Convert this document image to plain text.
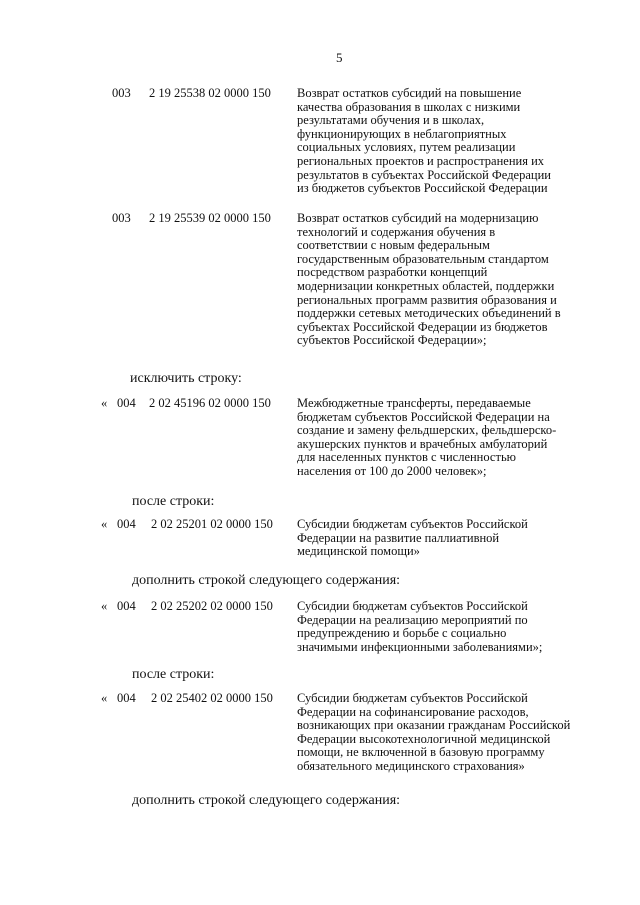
5
003 2 19 25538 02 0000 150 Возврат остатков субсидий на повышение
качества образования в школах с низкими
результатами обучения и в школах,
функционирующих в неблагоприятных
социальных условиях, путем реализации
региональных проектов и распространения их
результатов в субъектах Российской Федерации
из бюджетов субъектов Российской Федерации
003 2 19 25539 02 0000 150 Возврат остатков субсидий на модернизацию
технологий и содержания обучения в
соответствии с новым федеральным
государственным образовательным стандартом
посредством разработки концепций
модернизации конкретных областей, поддержки
региональных программ развития образования и
поддержки сетевых методических объединений в
субъектах Российской Федерации из бюджетов
субъектов Российской Федерации»;
исключить строку:
« 004 2 02 45196 02 0000 150 Межбюджетные трансферты, передаваемые
бюджетам субъектов Российской Федерации на
создание и замену фельдшерских, фельдшерско-
акушерских пунктов и врачебных амбулаторий
для населенных пунктов с численностью
населения от 100 до 2000 человек»;
после строки:
« 004 2 02 25201 02 0000 150 Субсидии бюджетам субъектов Российской
Федерации на развитие паллиативной
медицинской помощи»
дополнить строкой следующего содержания:
« 004 2 02 25202 02 0000 150 Субсидии бюджетам субъектов Российской
Федерации на реализацию мероприятий по
предупреждению и борьбе с социально
значимыми инфекционными заболеваниями»;
после строки:
« 004 2 02 25402 02 0000 150 Субсидии бюджетам субъектов Российской
Федерации на софинансирование расходов,
возникающих при оказании гражданам Российской
Федерации высокотехнологичной медицинской
помощи, не включенной в базовую программу
обязательного медицинского страхования»
дополнить строкой следующего содержания:
